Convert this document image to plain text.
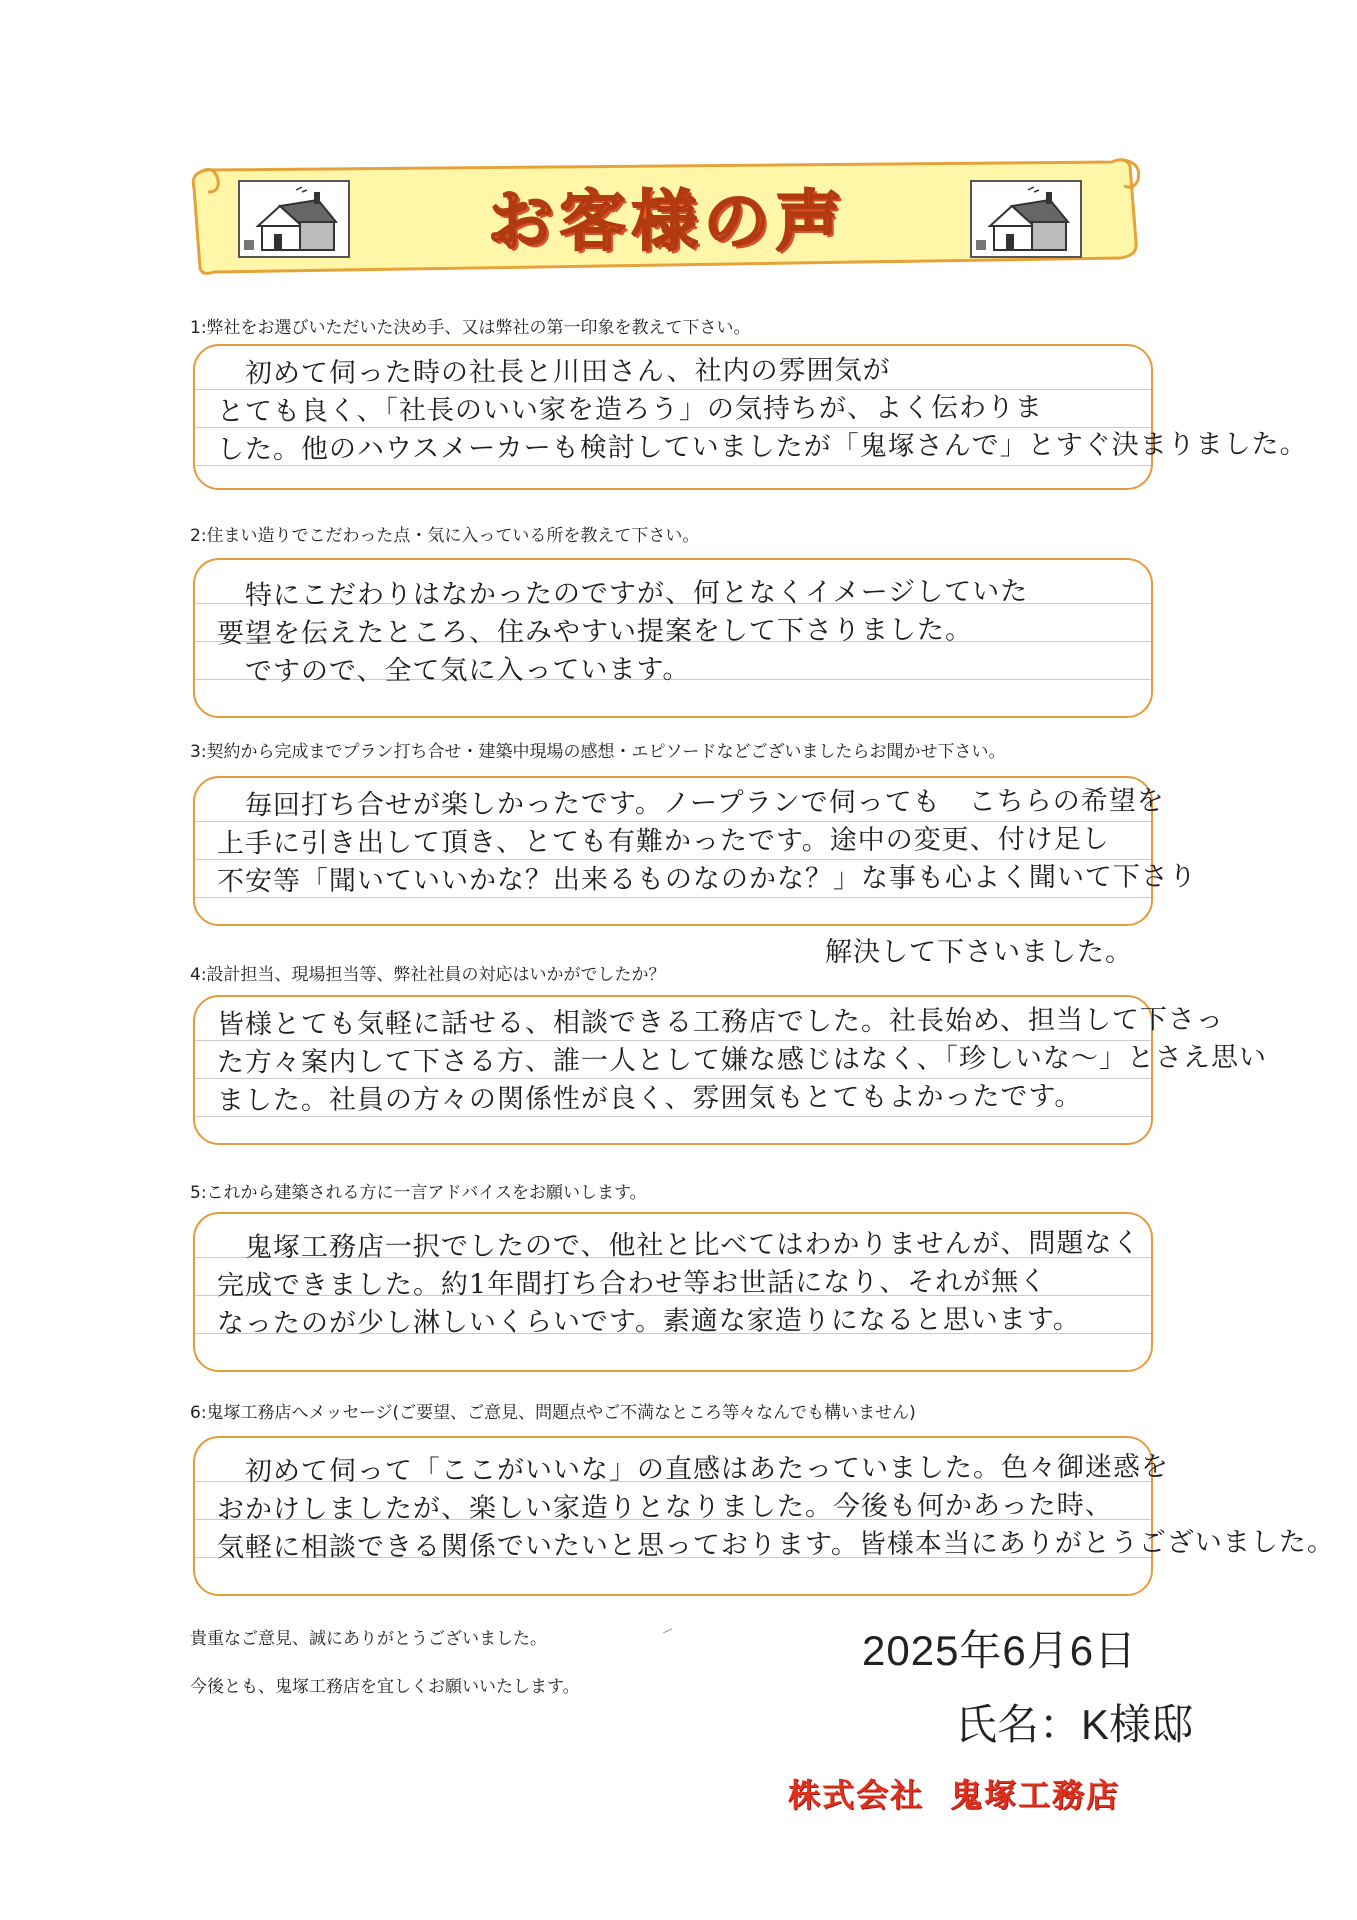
お客様の声
1:弊社をお選びいただいた決め手、又は弊社の第一印象を教えて下さい。
　初めて伺った時の社長と川田さん、社内の雰囲気が
とても良く、「社長のいい家を造ろう」の気持ちが、よく伝わりま
した。他のハウスメーカーも検討していましたが「鬼塚さんで」とすぐ決まりました。
2:住まい造りでこだわった点・気に入っている所を教えて下さい。
　特にこだわりはなかったのですが、何となくイメージしていた
要望を伝えたところ、住みやすい提案をして下さりました。
　ですので、全て気に入っています。
3:契約から完成までプラン打ち合せ・建築中現場の感想・エピソードなどございましたらお聞かせ下さい。
　毎回打ち合せが楽しかったです。ノープランで伺っても　こちらの希望を
上手に引き出して頂き、とても有難かったです。途中の変更、付け足し
不安等「聞いていいかな？出来るものなのかな？」な事も心よく聞いて下さり
解決して下さいました。
4:設計担当、現場担当等、弊社社員の対応はいかがでしたか？
皆様とても気軽に話せる、相談できる工務店でした。社長始め、担当して下さっ
た方々案内して下さる方、誰一人として嫌な感じはなく、「珍しいな〜」とさえ思い
ました。社員の方々の関係性が良く、雰囲気もとてもよかったです。
5:これから建築される方に一言アドバイスをお願いします。
　鬼塚工務店一択でしたので、他社と比べてはわかりませんが、問題なく
完成できました。約1年間打ち合わせ等お世話になり、それが無く
なったのが少し淋しいくらいです。素適な家造りになると思います。
6:鬼塚工務店へメッセージ(ご要望、ご意見、問題点やご不満なところ等々なんでも構いません)
　初めて伺って「ここがいいな」の直感はあたっていました。色々御迷惑を
おかけしましたが、楽しい家造りとなりました。今後も何かあった時、
気軽に相談できる関係でいたいと思っております。皆様本当にありがとうございました。
貴重なご意見、誠にありがとうございました。
今後とも、鬼塚工務店を宜しくお願いいたします。
2025年6月6日
氏名：K様邸
株式会社 鬼塚工務店
